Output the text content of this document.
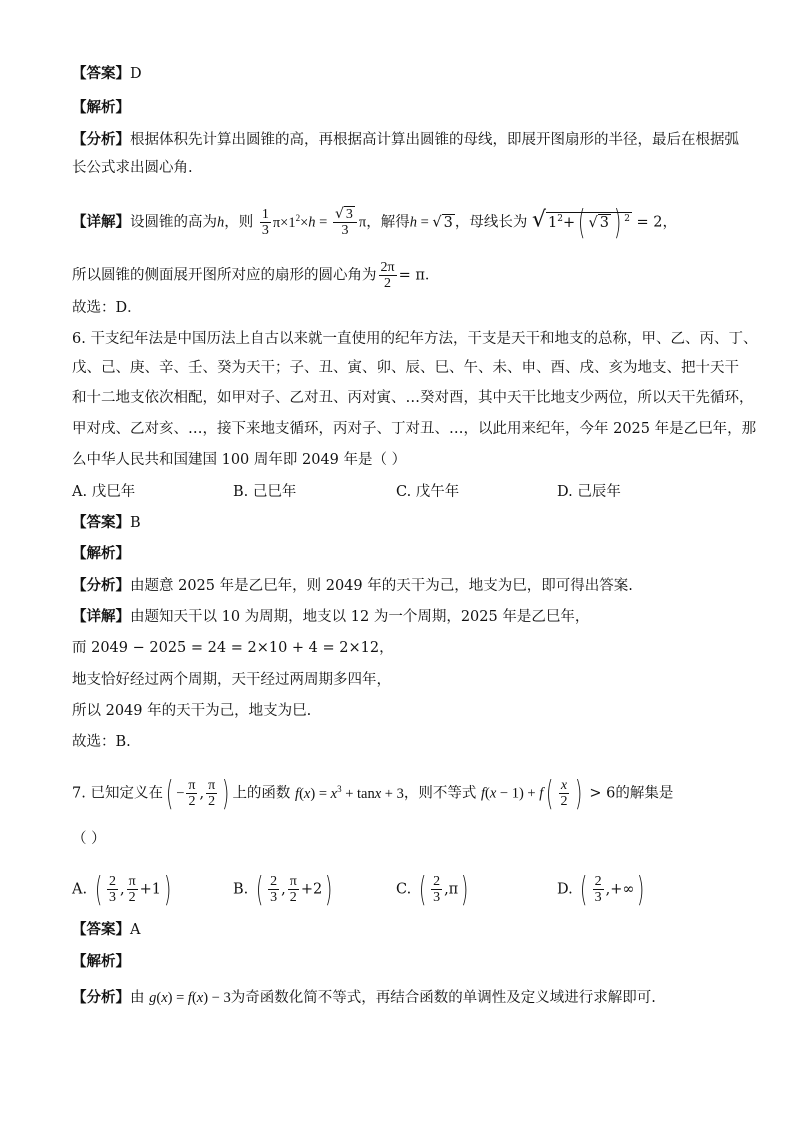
【答案】D
【解析】
【分析】根据体积先计算出圆锥的高，再根据高计算出圆锥的母线，即展开图扇形的半径，最后在根据弧
长公式求出圆心角.
【详解】设圆锥的高为h，则 $\frac{1}{3} \pi\times 1^2\times h = \frac{√ 3}{3}$ π，解得h = √ 3 ，母线长为 √ $1^2+$( √ 3 ) $^2$ = 2，
所以圆锥的侧面展开图所对应的扇形的圆心角为 $\frac{2\pi}{2} = \pi$．
故选：D．
6. 干支纪年法是中国历法上自古以来就一直使用的纪年方法，干支是天干和地支的总称，甲、乙、丙、丁、
戊、己、庚、辛、壬、癸为天干；子、丑、寅、卯、辰、巳、午、未、申、酉、戌、亥为地支、把十天干
和十二地支依次相配，如甲对子、乙对丑、丙对寅、…癸对酉，其中天干比地支少两位，所以天干先循环，
甲对戌、乙对亥、…，接下来地支循环，丙对子、丁对丑、…，以此用来纪年，今年 2025 年是乙巳年，那
么中华人民共和国建国 100 周年即 2049 年是（ ）
A. 戊巳年	B. 己巳年	C. 戊午年	D. 己辰年
【答案】B
【解析】
【分析】由题意 2025 年是乙巳年，则 2049 年的天干为己，地支为巳，即可得出答案.
【详解】由题知天干以 10 为周期，地支以 12 为一个周期，2025 年是乙巳年，
而 2049 − 2025 = 24 = 2×10 + 4 = 2×12，
地支恰好经过两个周期，天干经过两周期多四年，
所以 2049 年的天干为己，地支为巳.
故选：B.
7. 已知定义在( − $\frac{\pi}{2}$ , $\frac{\pi}{2}$ ) 上的函数 $f(x) = x^3 + \tan x + 3$，则不等式 $f(x - 1) + f( \frac{x}{2}$ ) > 6的解集是
（ ）
A. ( $\frac{2}{3}$ , $\frac{\pi}{2} +1$)	B. ( $\frac{2}{3}$ , $\frac{\pi}{2} +2$)	C. ( $\frac{2}{3} ,\pi$)	D. ( $\frac{2}{3}$ ,+∞)
【答案】A
【解析】
【分析】由 g(x) = f(x) − 3为奇函数化简不等式，再结合函数的单调性及定义域进行求解即可.
